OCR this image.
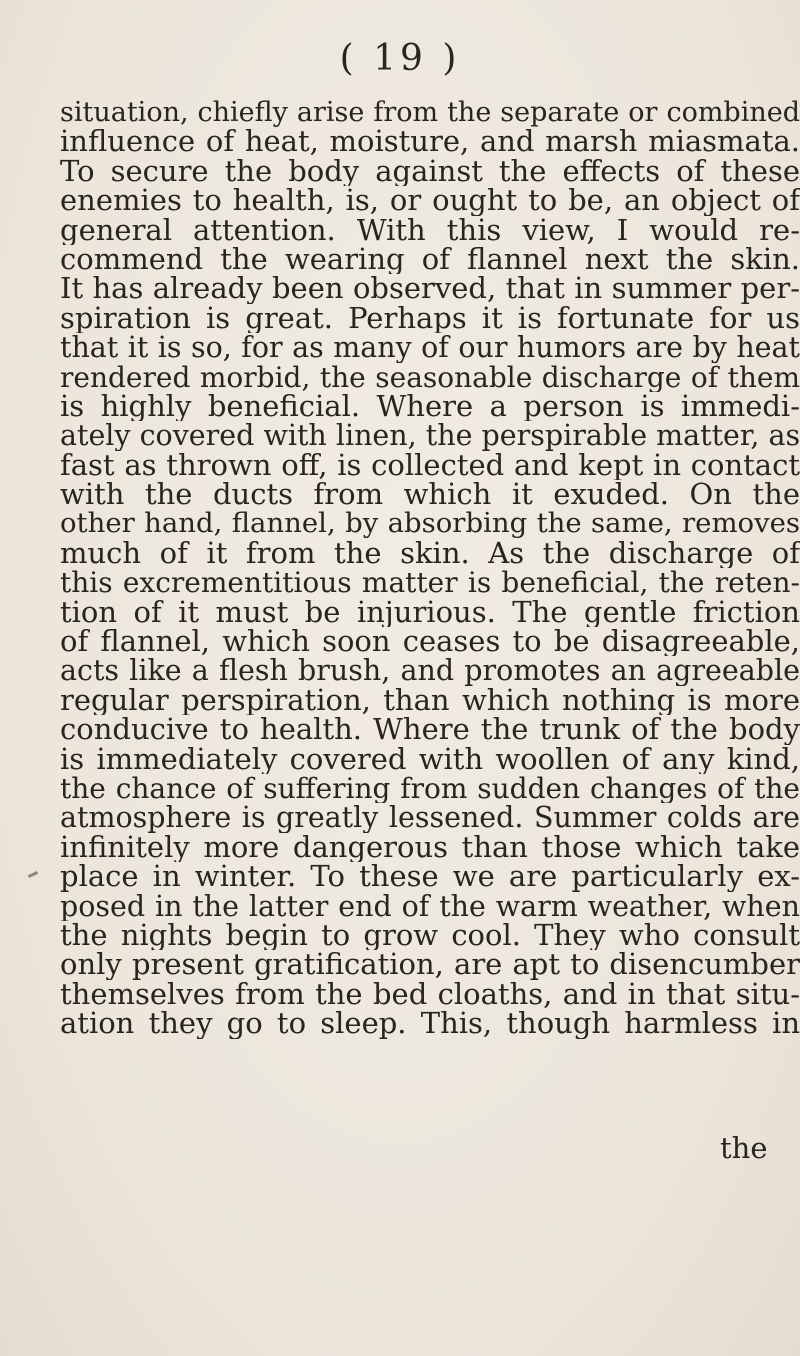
( 19 )
situation, chiefly arise from the separate or combined
influence of heat, moisture, and marsh miasmata.
To secure the body against the effects of these
enemies to health, is, or ought to be, an object of
general attention. With this view, I would re-
commend the wearing of flannel next the skin.
It has already been observed, that in summer per-
spiration is great. Perhaps it is fortunate for us
that it is so, for as many of our humors are by heat
rendered morbid, the seasonable discharge of them
is highly beneficial. Where a person is immedi-
ately covered with linen, the perspirable matter, as
fast as thrown off, is collected and kept in contact
with the ducts from which it exuded. On the
other hand, flannel, by absorbing the same, removes
much of it from the skin. As the discharge of
this excrementitious matter is beneficial, the reten-
tion of it must be injurious. The gentle friction
of flannel, which soon ceases to be disagreeable,
acts like a flesh brush, and promotes an agreeable
regular perspiration, than which nothing is more
conducive to health. Where the trunk of the body
is immediately covered with woollen of any kind,
the chance of suffering from sudden changes of the
atmosphere is greatly lessened. Summer colds are
infinitely more dangerous than those which take
place in winter. To these we are particularly ex-
posed in the latter end of the warm weather, when
the nights begin to grow cool. They who consult
only present gratification, are apt to disencumber
themselves from the bed cloaths, and in that situ-
ation they go to sleep. This, though harmless in
the
